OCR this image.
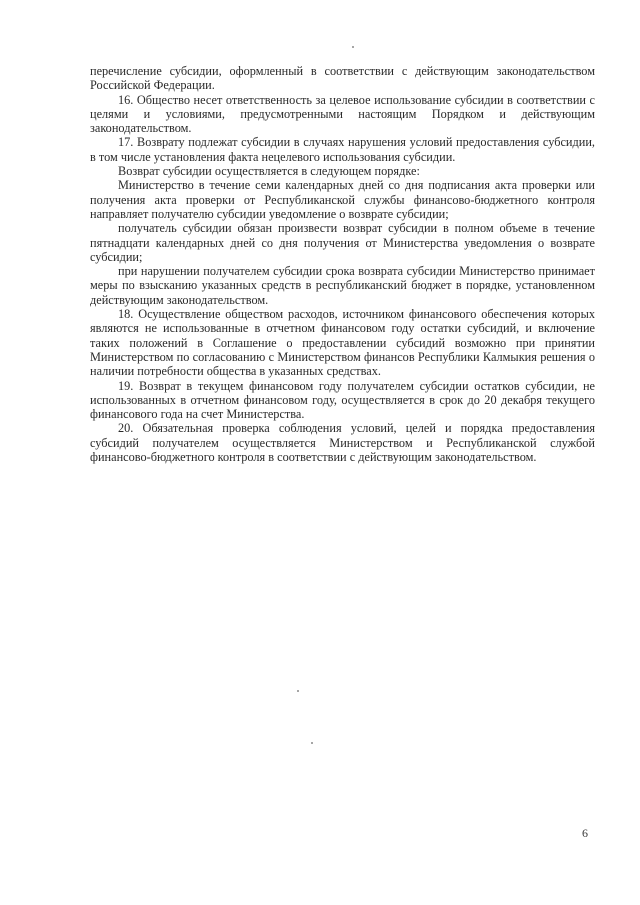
перечисление субсидии, оформленный в соответствии с действующим законодательством Российской Федерации.

16. Общество несет ответственность за целевое использование субсидии в соответствии с целями и условиями, предусмотренными настоящим Порядком и действующим законодательством.

17. Возврату подлежат субсидии в случаях нарушения условий предоставления субсидии, в том числе установления факта нецелевого использования субсидии.

Возврат субсидии осуществляется в следующем порядке:

Министерство в течение семи календарных дней со дня подписания акта проверки или получения акта проверки от Республиканской службы финансово-бюджетного контроля направляет получателю субсидии уведомление о возврате субсидии;

получатель субсидии обязан произвести возврат субсидии в полном объеме в течение пятнадцати календарных дней со дня получения от Министерства уведомления о возврате субсидии;

при нарушении получателем субсидии срока возврата субсидии Министерство принимает меры по взысканию указанных средств в республиканский бюджет в порядке, установленном действующим законодательством.

18. Осуществление обществом расходов, источником финансового обеспечения которых являются не использованные в отчетном финансовом году остатки субсидий, и включение таких положений в Соглашение о предоставлении субсидий возможно при принятии Министерством по согласованию с Министерством финансов Республики Калмыкия решения о наличии потребности общества в указанных средствах.

19. Возврат в текущем финансовом году получателем субсидии остатков субсидии, не использованных в отчетном финансовом году, осуществляется в срок до 20 декабря текущего финансового года на счет Министерства.

20. Обязательная проверка соблюдения условий, целей и порядка предоставления субсидий получателем осуществляется Министерством и Республиканской службой финансово-бюджетного контроля в соответствии с действующим законодательством.

6
